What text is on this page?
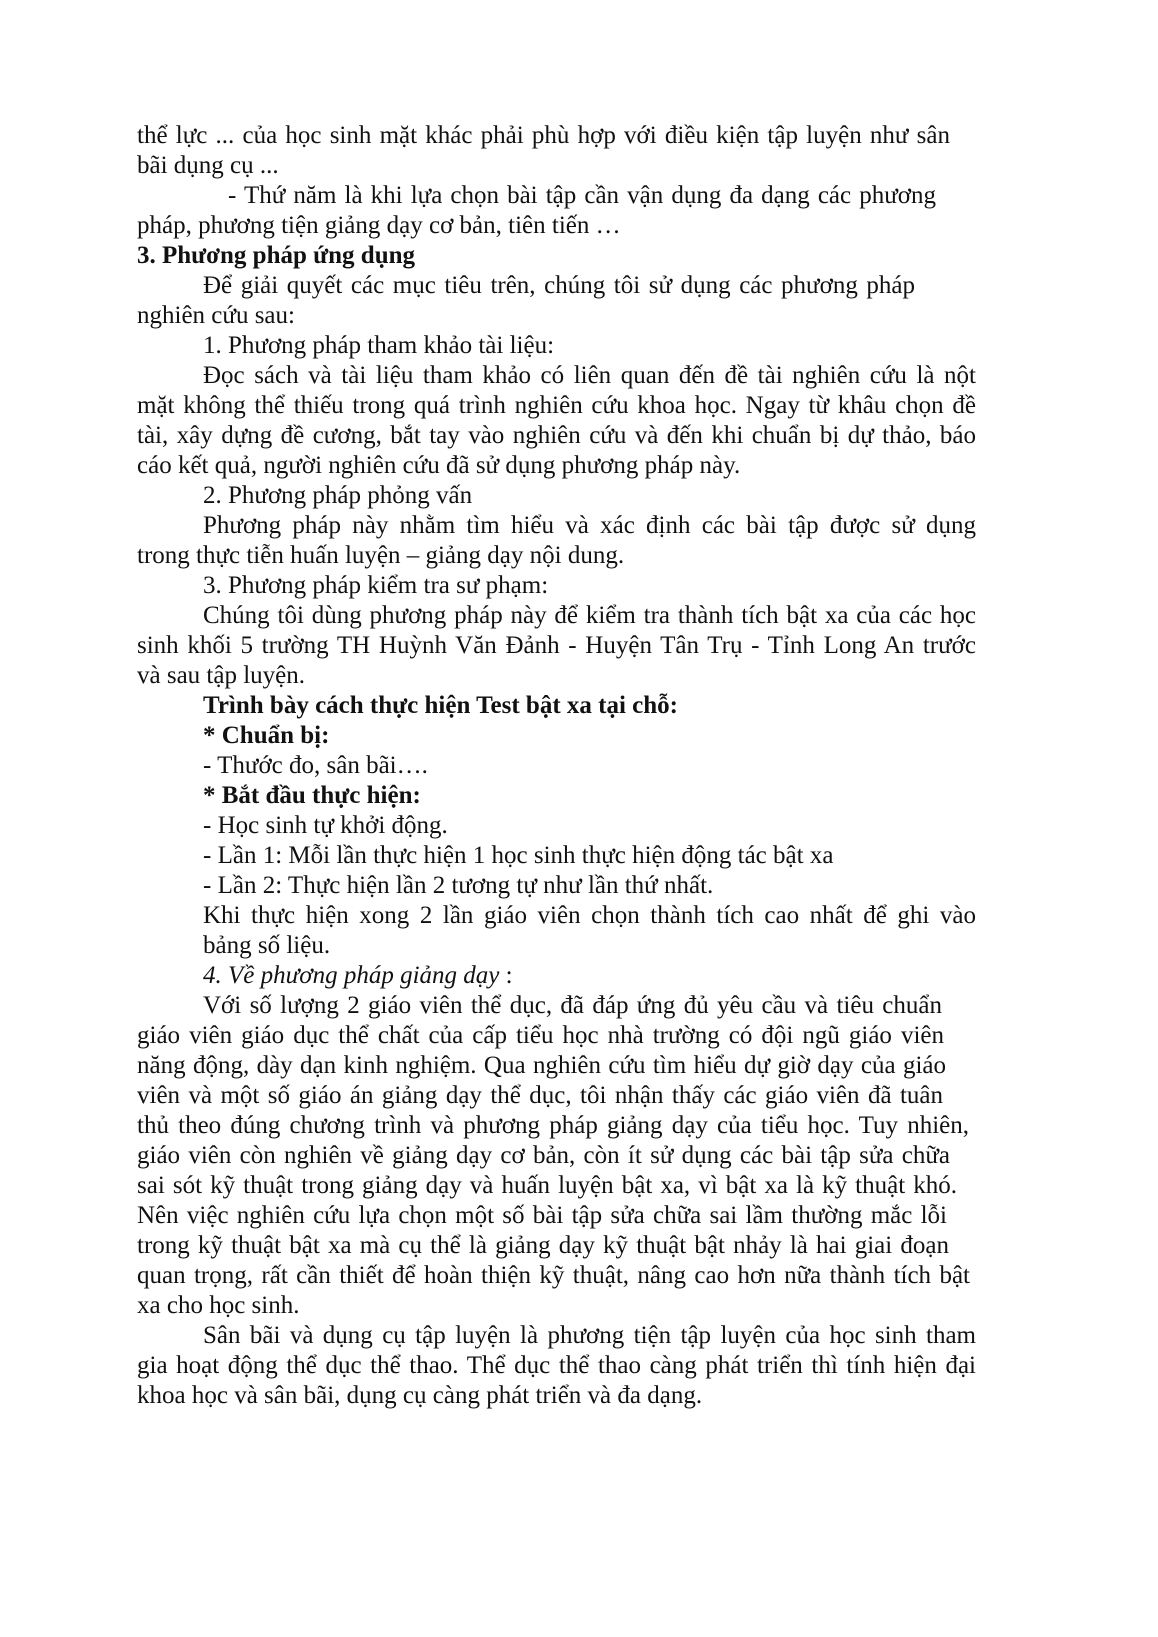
thể lực ... của học sinh mặt khác phải phù hợp với điều kiện tập luyện như sân
bãi dụng cụ ...
- Thứ năm là khi lựa chọn bài tập cần vận dụng đa dạng các phương
pháp, phương tiện giảng dạy cơ bản, tiên tiến …
3. Phương pháp ứng dụng
Để giải quyết các mục tiêu trên, chúng tôi sử dụng các phương pháp
nghiên cứu sau:
1. Phương pháp tham khảo tài liệu:
Đọc sách và tài liệu tham khảo có liên quan đến đề tài nghiên cứu là nột
mặt không thể thiếu trong quá trình nghiên cứu khoa học. Ngay từ khâu chọn đề
tài, xây dựng đề cương, bắt tay vào nghiên cứu và đến khi chuẩn bị dự thảo, báo
cáo kết quả, người nghiên cứu đã sử dụng phương pháp này.
2. Phương pháp phỏng vấn
Phương pháp này nhằm tìm hiểu và xác định các bài tập được sử dụng
trong thực tiễn huấn luyện – giảng dạy nội dung.
3. Phương pháp kiểm tra sư phạm:
Chúng tôi dùng phương pháp này để kiểm tra thành tích bật xa của các học
sinh khối 5 trường TH Huỳnh Văn Đảnh - Huyện Tân Trụ - Tỉnh Long An trước
và sau tập luyện.
Trình bày cách thực hiện Test bật xa tại chỗ:
* Chuẩn bị:
- Thước đo, sân bãi….
* Bắt đầu thực hiện:
- Học sinh tự khởi động.
- Lần 1: Mỗi lần thực hiện 1 học sinh thực hiện động tác bật xa
- Lần 2: Thực hiện lần 2 tương tự như lần thứ nhất.
Khi thực hiện xong 2 lần giáo viên chọn thành tích cao nhất để ghi vào
bảng số liệu.
4. Về phương pháp giảng dạy :
Với số lượng 2 giáo viên thể dục, đã đáp ứng đủ yêu cầu và tiêu chuẩn
giáo viên giáo dục thể chất của cấp tiểu học nhà trường có đội ngũ giáo viên
năng động, dày dạn kinh nghiệm. Qua nghiên cứu tìm hiểu dự giờ dạy của giáo
viên và một số giáo án giảng dạy thể dục, tôi nhận thấy các giáo viên đã tuân
thủ theo đúng chương trình và phương pháp giảng dạy của tiểu học. Tuy nhiên,
giáo viên còn nghiên về giảng dạy cơ bản, còn ít sử dụng các bài tập sửa chữa
sai sót kỹ thuật trong giảng dạy và huấn luyện bật xa, vì bật xa là kỹ thuật khó.
Nên việc nghiên cứu lựa chọn một số bài tập sửa chữa sai lầm thường mắc lỗi
trong kỹ thuật bật xa mà cụ thể là giảng dạy kỹ thuật bật nhảy là hai giai đoạn
quan trọng, rất cần thiết để hoàn thiện kỹ thuật, nâng cao hơn nữa thành tích bật
xa cho học sinh.
Sân bãi và dụng cụ tập luyện là phương tiện tập luyện của học sinh tham
gia hoạt động thể dục thể thao. Thể dục thể thao càng phát triển thì tính hiện đại
khoa học và sân bãi, dụng cụ càng phát triển và đa dạng.
